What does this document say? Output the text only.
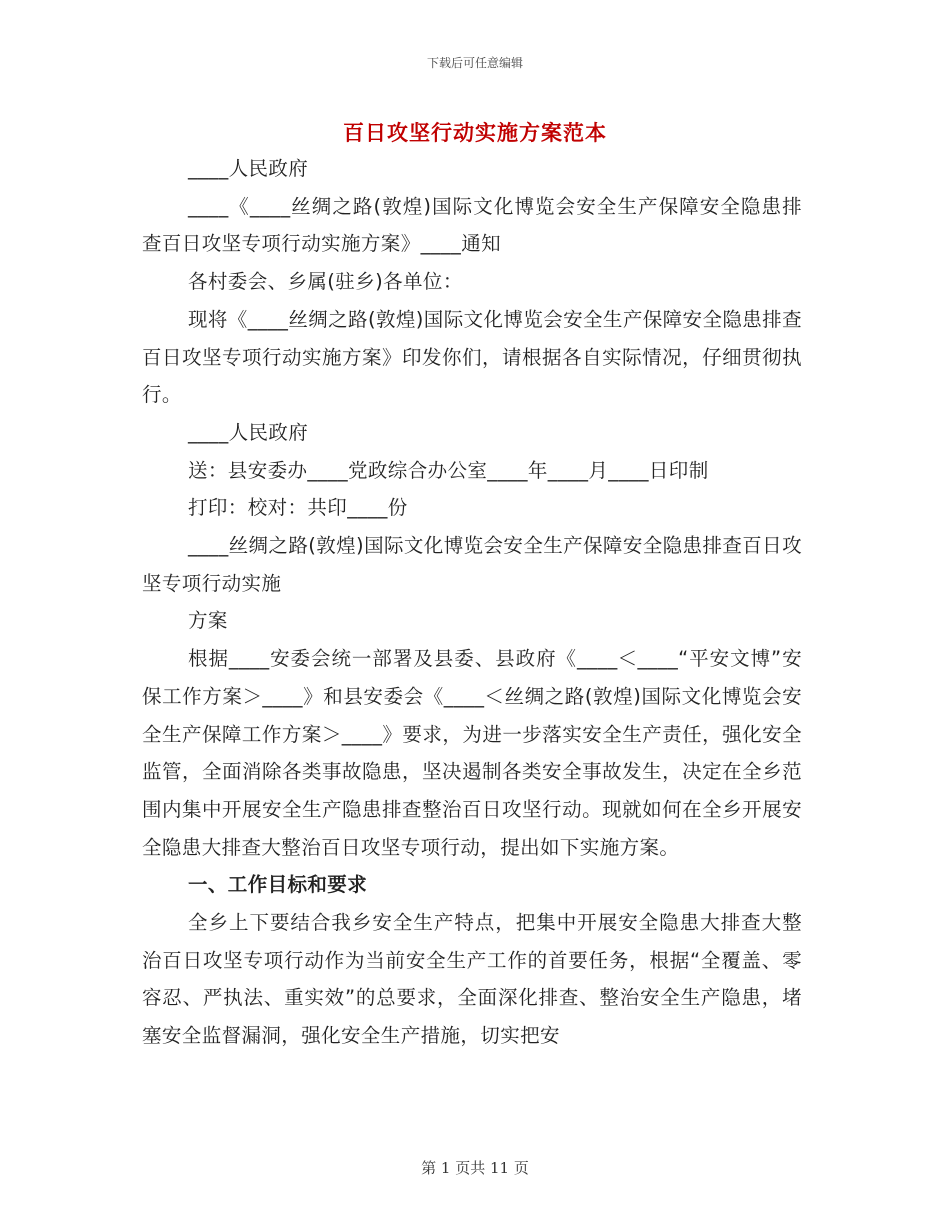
下载后可任意编辑
百日攻坚行动实施方案范本

____人民政府

____《____丝绸之路(敦煌)国际文化博览会安全生产保障安全隐患排查百日攻坚专项行动实施方案》____通知

各村委会、乡属(驻乡)各单位：

现将《____丝绸之路(敦煌)国际文化博览会安全生产保障安全隐患排查百日攻坚专项行动实施方案》印发你们，请根据各自实际情况，仔细贯彻执行。

____人民政府

送：县安委办____党政综合办公室____年____月____日印制

打印：校对：共印____份

____丝绸之路(敦煌)国际文化博览会安全生产保障安全隐患排查百日攻坚专项行动实施

方案

根据____安委会统一部署及县委、县政府《____＜____“平安文博”安保工作方案＞____》和县安委会《____＜丝绸之路(敦煌)国际文化博览会安全生产保障工作方案＞____》要求，为进一步落实安全生产责任，强化安全监管，全面消除各类事故隐患，坚决遏制各类安全事故发生，决定在全乡范围内集中开展安全生产隐患排查整治百日攻坚行动。现就如何在全乡开展安全隐患大排查大整治百日攻坚专项行动，提出如下实施方案。

一、工作目标和要求

全乡上下要结合我乡安全生产特点，把集中开展安全隐患大排查大整治百日攻坚专项行动作为当前安全生产工作的首要任务，根据“全覆盖、零容忍、严执法、重实效”的总要求，全面深化排查、整治安全生产隐患，堵塞安全监督漏洞，强化安全生产措施，切实把安

第 1 页共 11 页
